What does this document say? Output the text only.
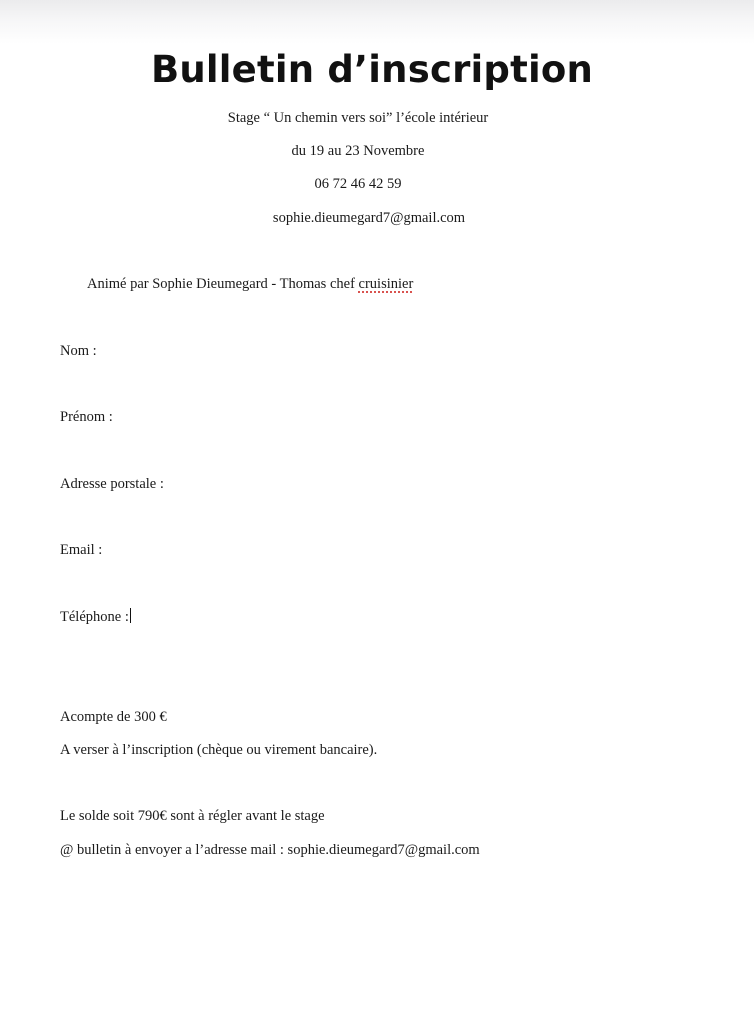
Bulletin d’inscription
Stage “ Un chemin vers soi” l’école intérieur
du 19 au 23 Novembre
06 72 46 42 59
sophie.dieumegard7@gmail.com
Animé par Sophie Dieumegard - Thomas chef cruisinier
Nom :
Prénom :
Adresse porstale :
Email :
Téléphone :
Acompte de 300 €
A verser à l’inscription (chèque ou virement bancaire).
Le solde soit 790€ sont à régler avant le stage
@ bulletin à envoyer a l’adresse mail : sophie.dieumegard7@gmail.com
